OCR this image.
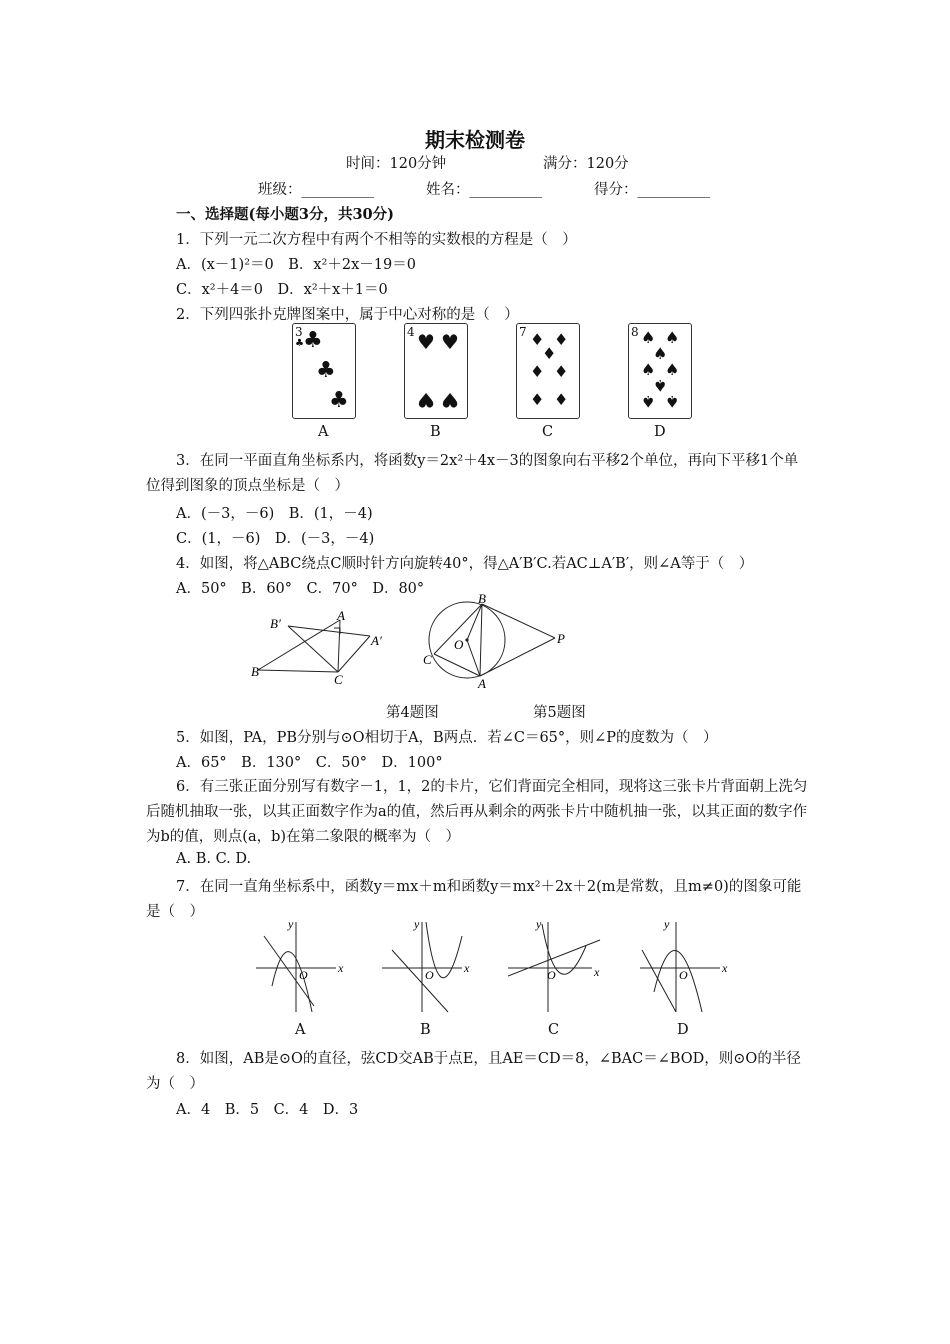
期末检测卷
时间：120分钟	满分：120分
班级：__________	姓名：__________	得分：__________
一、选择题(每小题3分，共30分)
1．下列一元二次方程中有两个不相等的实数根的方程是（　）
A．(x－1)²＝0　B．x²＋2x－19＝0
C．x²＋4＝0　D．x²＋x＋1＝0
2．下列四张扑克牌图案中，属于中心对称的是（　）
3
♣ ♣
♣
♣
4 ♥ ♥
♥ ♥
7 ♦ ♦
♦
♦ ♦
♦ ♦
8 ♠ ♠
♠
♠ ♠
♠
♠ ♠
A	B	C	D
3．在同一平面直角坐标系内，将函数y＝2x²＋4x－3的图象向右平移2个单位，再向下平移1个单位得到图象的顶点坐标是（　）
A．(－3，－6)　B．(1，－4)
C．(1，－6)　D．(－3，－4)
4．如图，将△ABC绕点C顺时针方向旋转40°，得△A′B′C.若AC⊥A′B′，则∠A等于（　）
A．50°　B．60°　C．70°　D．80°
B′
A
A′
B
C
B
O	P
C
A
第4题图	第5题图
5．如图，PA，PB分别与⊙O相切于A，B两点．若∠C＝65°，则∠P的度数为（　）
A．65°　B．130°　C．50°　D．100°
6．有三张正面分别写有数字－1，1，2的卡片，它们背面完全相同，现将这三张卡片背面朝上洗匀后随机抽取一张，以其正面数字作为a的值，然后再从剩余的两张卡片中随机抽一张，以其正面的数字作为b的值，则点(a，b)在第二象限的概率为（　）
A. B. C. D.
7．在同一直角坐标系中，函数y＝mx＋m和函数y＝mx²＋2x＋2(m是常数，且m≠0)的图象可能是（　）
x
y
O	x
y
O	x
y
O	x
y
O
A	B	C	D
8．如图，AB是⊙O的直径，弦CD交AB于点E，且AE＝CD＝8，∠BAC＝∠BOD，则⊙O的半径为（　）
A．4　B．5　C．4　D．3
